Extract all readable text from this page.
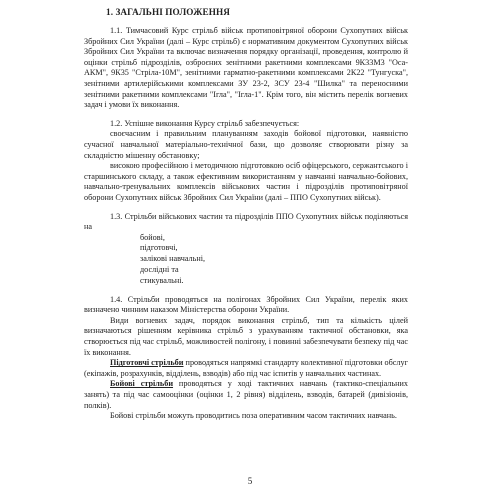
1. ЗАГАЛЬНІ ПОЛОЖЕННЯ

1.1. Тимчасовий Курс стрільб військ протиповітряної оборони Сухопутних військ Збройних Сил України (далі – Курс стрільб) є нормативним документом Сухопутних військ Збройних Сил України та включає визначення порядку організації, проведення, контролю й оцінки стрільб підрозділів, озброєних зенітними ракетними комплексами 9К33М3 "Оса-АКМ", 9К35 "Стріла-10М", зенітними гарматно-ракетними комплексами 2К22 "Тунгуска", зенітними артилерійськими комплексами ЗУ 23-2, ЗСУ 23-4 "Шилка" та переносними зенітними ракетними комплексами "Ігла", "Ігла-1". Крім того, він містить перелік вогневих задач і умови їх виконання.

1.2. Успішне виконання Курсу стрільб забезпечується:

своєчасним і правильним плануванням заходів бойової підготовки, наявністю сучасної навчальної матеріально-технічної бази, що дозволяє створювати різну за складністю мішенну обстановку;

високою професійною і методичною підготовкою осіб офіцерського, сержантського і старшинського складу, а також ефективним використанням у навчанні навчально-бойових, навчально-тренувальних комплексів військових частин і підрозділів протиповітряної оборони Сухопутних військ Збройних Сил України (далі – ППО Сухопутних військ).

1.3. Стрільби військових частин та підрозділів ППО Сухопутних військ поділяються на

бойові,
підготовчі,
залікові навчальні,
дослідні та
стикувальні.

1.4. Стрільби проводяться на полігонах Збройних Сил України, перелік яких визначено чинним наказом Міністерства оборони України.

Види вогневих задач, порядок виконання стрільб, тип та кількість цілей визначаються рішенням керівника стрільб з урахуванням тактичної обстановки, яка створюється під час стрільб, можливостей полігону, і повинні забезпечувати безпеку під час їх виконання.

Підготовчі стрільби проводяться напрямкі стандарту колективної підготовки обслуг (екіпажів, розрахунків, відділень, взводів) або під час іспитів у навчальних частинах.

Бойові стрільби проводяться у ході тактичних навчань (тактико-спеціальних занять) та під час самооцінки (оцінки 1, 2 рівня) відділень, взводів, батарей (дивізіонів, полків).

Бойові стрільби можуть проводитись поза оперативним часом тактичних навчань.

5
